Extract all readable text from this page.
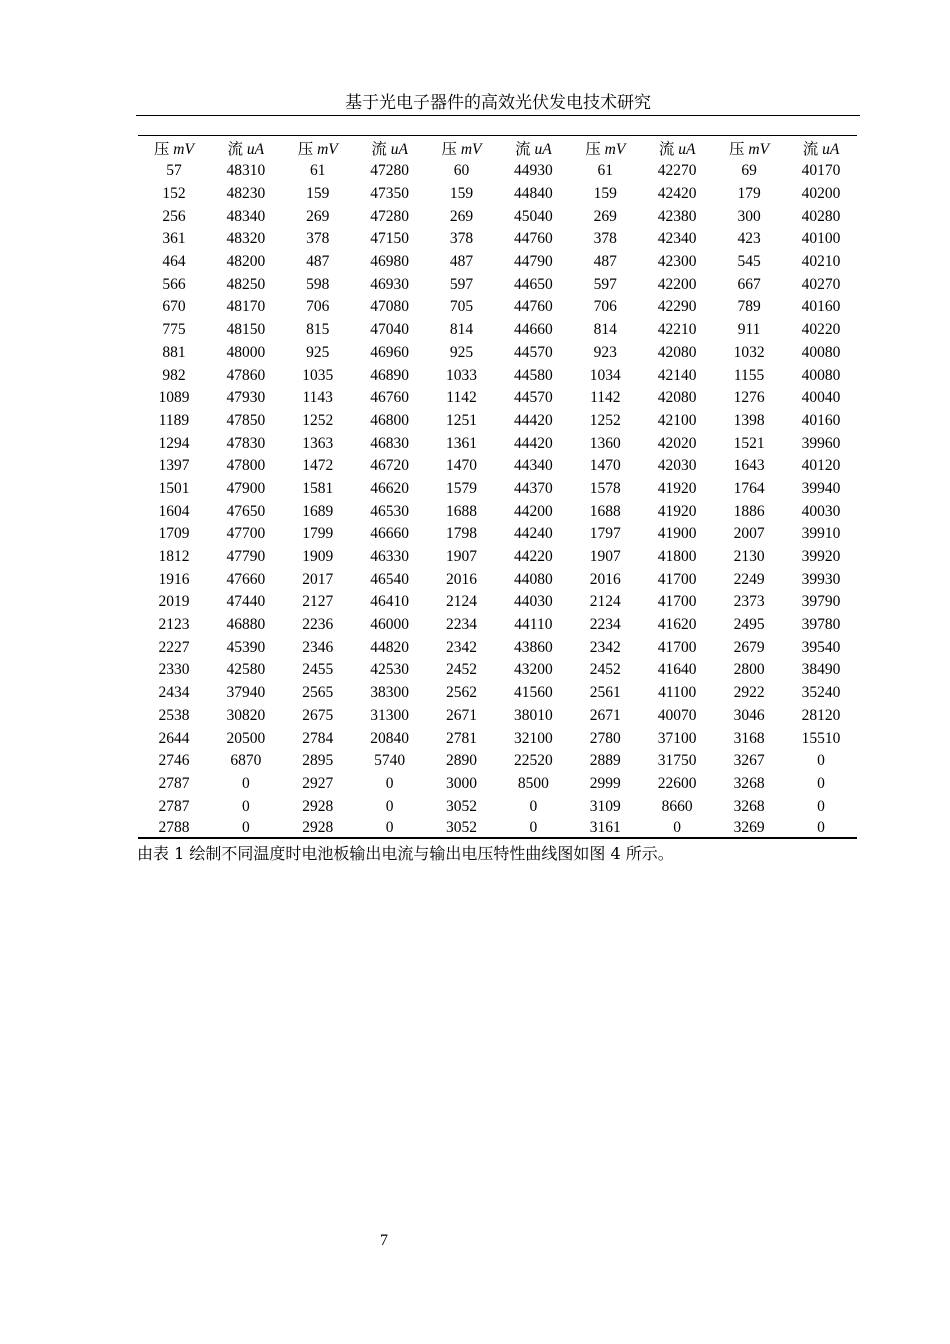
基于光电子器件的高效光伏发电技术研究
压 mV	流 uA	压 mV	流 uA	压 mV	流 uA	压 mV	流 uA	压 mV	流 uA
57	48310	61	47280	60	44930	61	42270	69	40170
152	48230	159	47350	159	44840	159	42420	179	40200
256	48340	269	47280	269	45040	269	42380	300	40280
361	48320	378	47150	378	44760	378	42340	423	40100
464	48200	487	46980	487	44790	487	42300	545	40210
566	48250	598	46930	597	44650	597	42200	667	40270
670	48170	706	47080	705	44760	706	42290	789	40160
775	48150	815	47040	814	44660	814	42210	911	40220
881	48000	925	46960	925	44570	923	42080	1032	40080
982	47860	1035	46890	1033	44580	1034	42140	1155	40080
1089	47930	1143	46760	1142	44570	1142	42080	1276	40040
1189	47850	1252	46800	1251	44420	1252	42100	1398	40160
1294	47830	1363	46830	1361	44420	1360	42020	1521	39960
1397	47800	1472	46720	1470	44340	1470	42030	1643	40120
1501	47900	1581	46620	1579	44370	1578	41920	1764	39940
1604	47650	1689	46530	1688	44200	1688	41920	1886	40030
1709	47700	1799	46660	1798	44240	1797	41900	2007	39910
1812	47790	1909	46330	1907	44220	1907	41800	2130	39920
1916	47660	2017	46540	2016	44080	2016	41700	2249	39930
2019	47440	2127	46410	2124	44030	2124	41700	2373	39790
2123	46880	2236	46000	2234	44110	2234	41620	2495	39780
2227	45390	2346	44820	2342	43860	2342	41700	2679	39540
2330	42580	2455	42530	2452	43200	2452	41640	2800	38490
2434	37940	2565	38300	2562	41560	2561	41100	2922	35240
2538	30820	2675	31300	2671	38010	2671	40070	3046	28120
2644	20500	2784	20840	2781	32100	2780	37100	3168	15510
2746	6870	2895	5740	2890	22520	2889	31750	3267	0
2787	0	2927	0	3000	8500	2999	22600	3268	0
2787	0	2928	0	3052	0	3109	8660	3268	0
2788	0	2928	0	3052	0	3161	0	3269	0
由表 1 绘制不同温度时电池板输出电流与输出电压特性曲线图如图 4 所示。
7
